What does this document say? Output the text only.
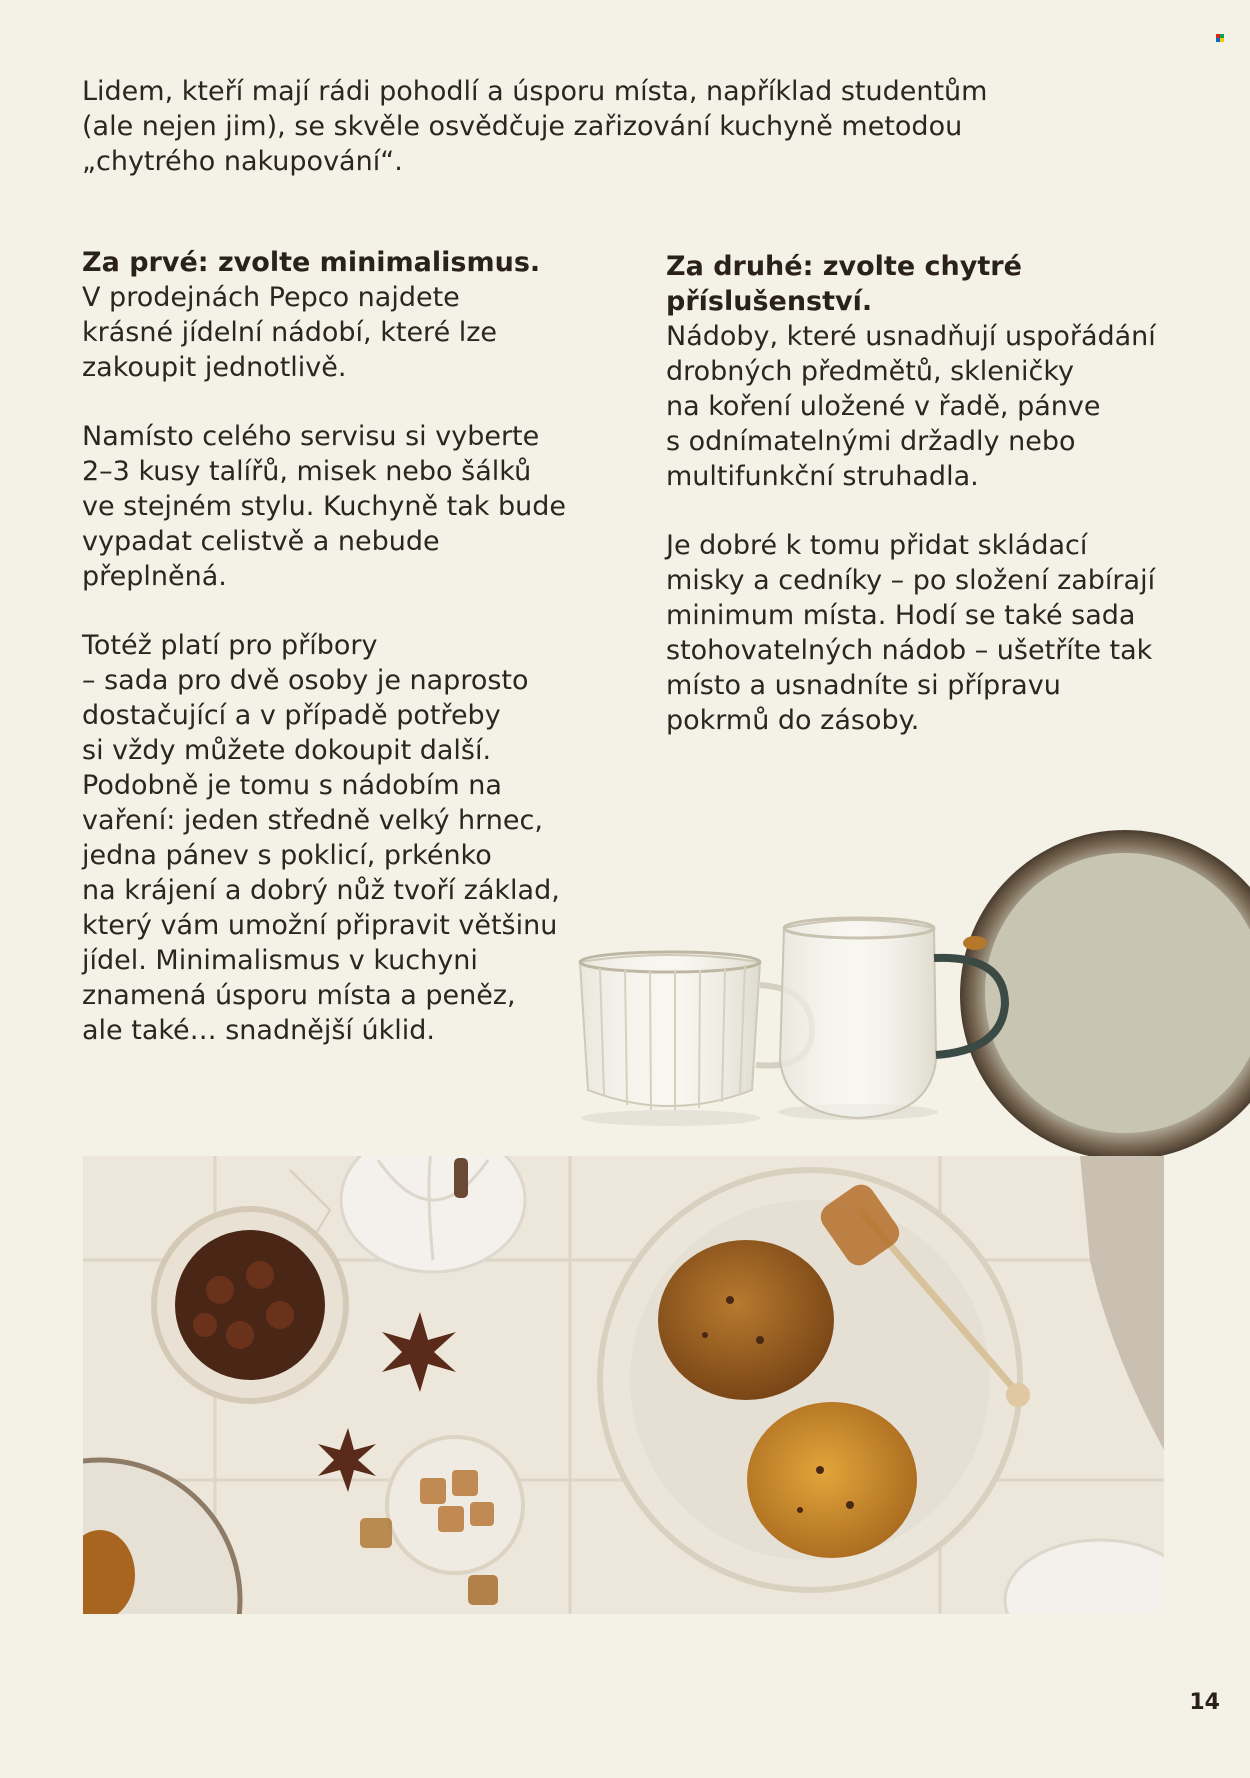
Lidem, kteří mají rádi pohodlí a úsporu místa, například studentům
(ale nejen jim), se skvěle osvědčuje zařizování kuchyně metodou
„chytrého nakupování“.

Za prvé: zvolte minimalismus.

V prodejnách Pepco najdete
krásné jídelní nádobí, které lze
zakoupit jednotlivě.

Namísto celého servisu si vyberte
2–3 kusy talířů, misek nebo šálků
ve stejném stylu. Kuchyně tak bude
vypadat celistvě a nebude
přeplněná.

Totéž platí pro příbory
– sada pro dvě osoby je naprosto
dostačující a v případě potřeby
si vždy můžete dokoupit další.
Podobně je tomu s nádobím na
vaření: jeden středně velký hrnec,
jedna pánev s poklicí, prkénko
na krájení a dobrý nůž tvoří základ,
který vám umožní připravit většinu
jídel. Minimalismus v kuchyni
znamená úsporu místa a peněz,
ale také… snadnější úklid.

Za druhé: zvolte chytré
příslušenství.

Nádoby, které usnadňují uspořádání
drobných předmětů, skleničky
na koření uložené v řadě, pánve
s odnímatelnými držadly nebo
multifunkční struhadla.

Je dobré k tomu přidat skládací
misky a cedníky – po složení zabírají
minimum místa. Hodí se také sada
stohovatelných nádob – ušetříte tak
místo a usnadníte si přípravu
pokrmů do zásoby.

14
